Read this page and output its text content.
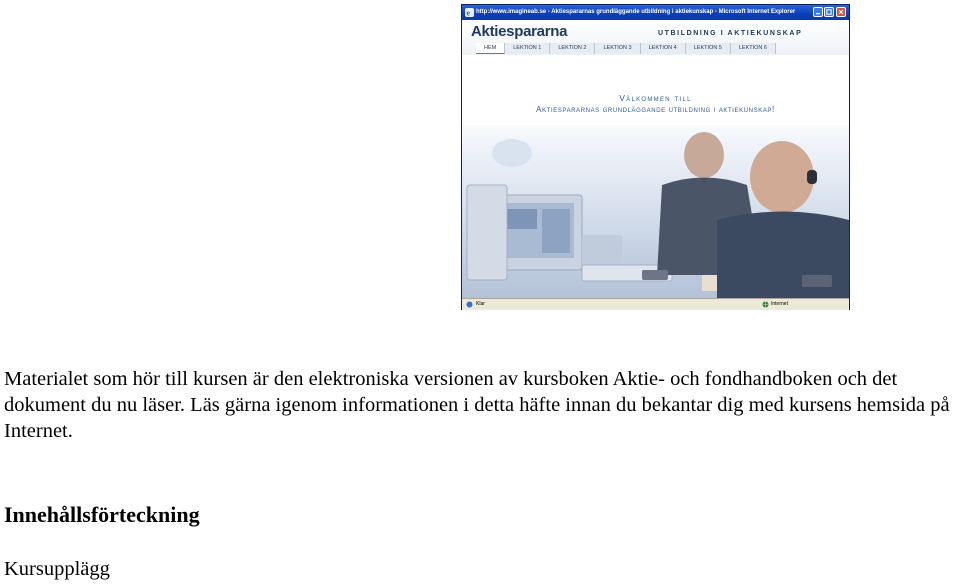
e http://www.imagineab.se - Aktiespararnas grundläggande utbildning i aktiekunskap - Microsoft Internet Explorer
Aktiespararna	UTBILDNING I AKTIEKUNSKAP
HEM	LEKTION 1	LEKTION 2	LEKTION 3	LEKTION 4	LEKTION 5	LEKTION 6
Välkommen till
Aktiespararnas grundläggande utbildning i aktiekunskap!
Klar	Internet

Materialet som hör till kursen är den elektroniska versionen av kursboken Aktie- och fondhandboken och det dokument du nu läser. Läs gärna igenom informationen i detta häfte innan du bekantar dig med kursens hemsida på Internet.

Innehållsförteckning

Kursupplägg
